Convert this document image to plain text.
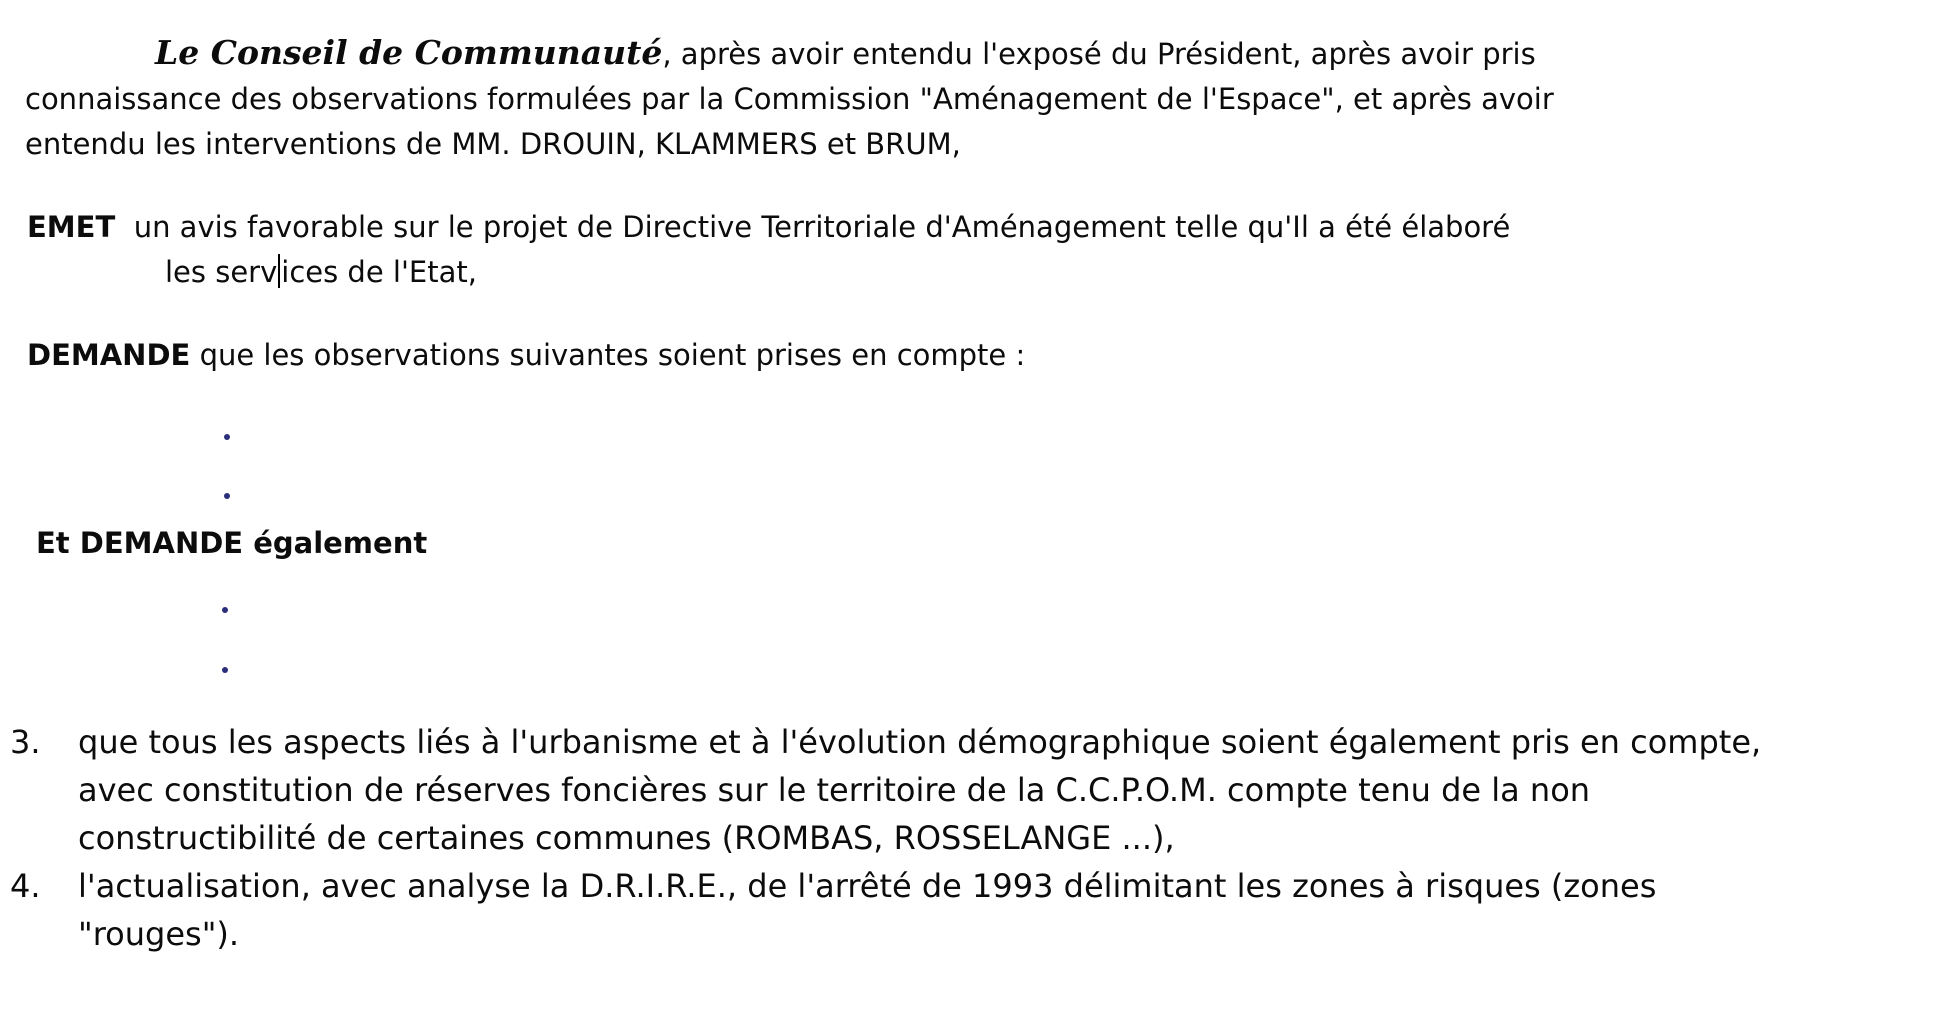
Le Conseil de Communauté, après avoir entendu l'exposé du Président, après avoir pris
connaissance des observations formulées par la Commission "Aménagement de l'Espace", et après avoir
entendu les interventions de MM. DROUIN, KLAMMERS et BRUM,
EMET un avis favorable sur le projet de Directive Territoriale d'Aménagement telle qu'Il a été élaboré
les serv ices de l'Etat,
DEMANDE que les observations suivantes soient prises en compte :
Et DEMANDE également
3. que tous les aspects liés à l'urbanisme et à l'évolution démographique soient également pris en compte,
avec constitution de réserves foncières sur le territoire de la C.C.P.O.M. compte tenu de la non
constructibilité de certaines communes (ROMBAS, ROSSELANGE ...),
4. l'actualisation, avec analyse la D.R.I.R.E., de l'arrêté de 1993 délimitant les zones à risques (zones
"rouges").
